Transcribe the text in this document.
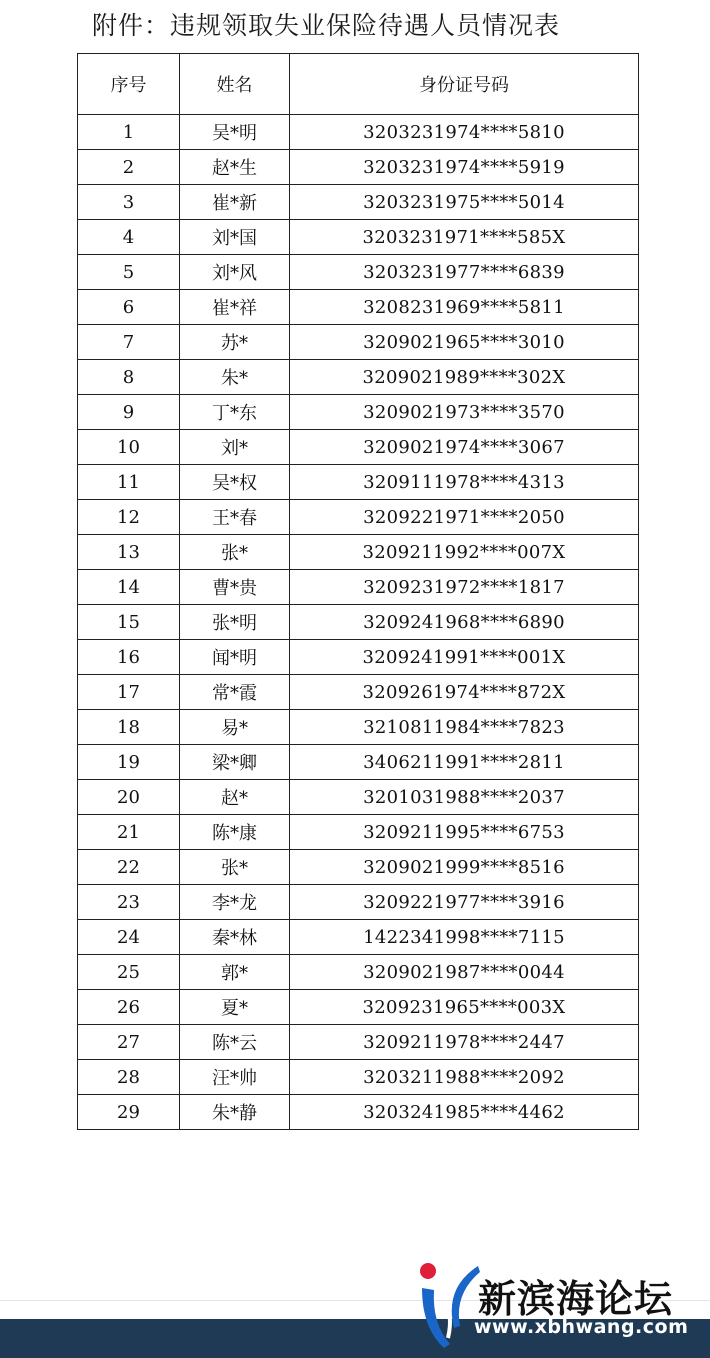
附件：违规领取失业保险待遇人员情况表
序号	姓名	身份证号码
1	吴*明	3203231974****5810
2	赵*生	3203231974****5919
3	崔*新	3203231975****5014
4	刘*国	3203231971****585X
5	刘*风	3203231977****6839
6	崔*祥	3208231969****5811
7	苏*	3209021965****3010
8	朱*	3209021989****302X
9	丁*东	3209021973****3570
10	刘*	3209021974****3067
11	吴*权	3209111978****4313
12	王*春	3209221971****2050
13	张*	3209211992****007X
14	曹*贵	3209231972****1817
15	张*明	3209241968****6890
16	闻*明	3209241991****001X
17	常*霞	3209261974****872X
18	易*	3210811984****7823
19	梁*卿	3406211991****2811
20	赵*	3201031988****2037
21	陈*康	3209211995****6753
22	张*	3209021999****8516
23	李*龙	3209221977****3916
24	秦*林	1422341998****7115
25	郭*	3209021987****0044
26	夏*	3209231965****003X
27	陈*云	3209211978****2447
28	汪*帅	3203211988****2092
29	朱*静	3203241985****4462
新滨海论坛
www.xbhwang.com
